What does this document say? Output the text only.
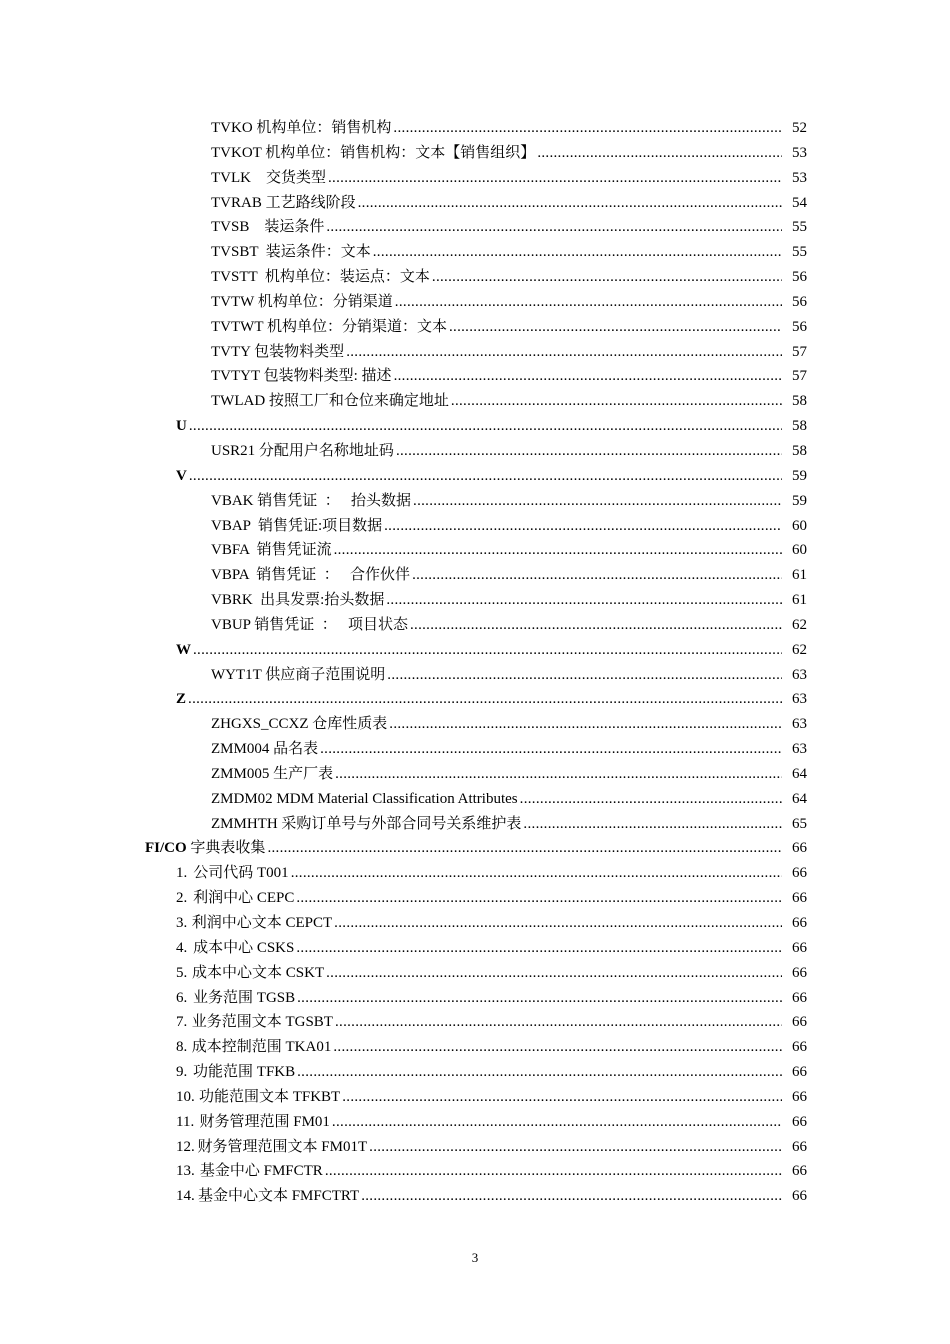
TVKO 机构单位：销售机构 .....	52
TVKOT 机构单位：销售机构：文本【销售组织】 .....	53
TVLK    交货类型 .....	53
TVRAB 工艺路线阶段 .....	54
TVSB    装运条件 .....	55
TVSBT  装运条件：文本 .....	55
TVSTT  机构单位：装运点：文本 .....	56
TVTW 机构单位：分销渠道 .....	56
TVTWT 机构单位：分销渠道：文本 .....	56
TVTY 包装物料类型 .....	57
TVTYT 包装物料类型: 描述 .....	57
TWLAD 按照工厂和仓位来确定地址 .....	58
U .....	58
USR21 分配用户名称地址码 .....	58
V .....	59
VBAK 销售凭证  ：   抬头数据 .....	59
VBAP  销售凭证:项目数据 .....	60
VBFA  销售凭证流 .....	60
VBPA  销售凭证  ：   合作伙伴 .....	61
VBRK  出具发票:抬头数据 .....	61
VBUP 销售凭证  ：   项目状态 .....	62
W .....	62
WYT1T 供应商子范围说明 .....	63
Z .....	63
ZHGXS_CCXZ 仓库性质表 .....	63
ZMM004 品名表 .....	63
ZMM005 生产厂表 .....	64
ZMDM02 MDM Material Classification Attributes .....	64
ZMMHTH 采购订单号与外部合同号关系维护表 .....	65
FI/CO 字典表收集 .....	66
1. 公司代码 T001 .....	66
2. 利润中心 CEPC .....	66
3. 利润中心文本 CEPCT .....	66
4. 成本中心 CSKS .....	66
5. 成本中心文本 CSKT .....	66
6. 业务范围 TGSB .....	66
7. 业务范围文本 TGSBT .....	66
8. 成本控制范围 TKA01 .....	66
9. 功能范围 TFKB .....	66
10. 功能范围文本 TFKBT .....	66
11. 财务管理范围 FM01 .....	66
12. 财务管理范围文本 FM01T .....	66
13. 基金中心 FMFCTR .....	66
14. 基金中心文本 FMFCTRT .....	66
3
